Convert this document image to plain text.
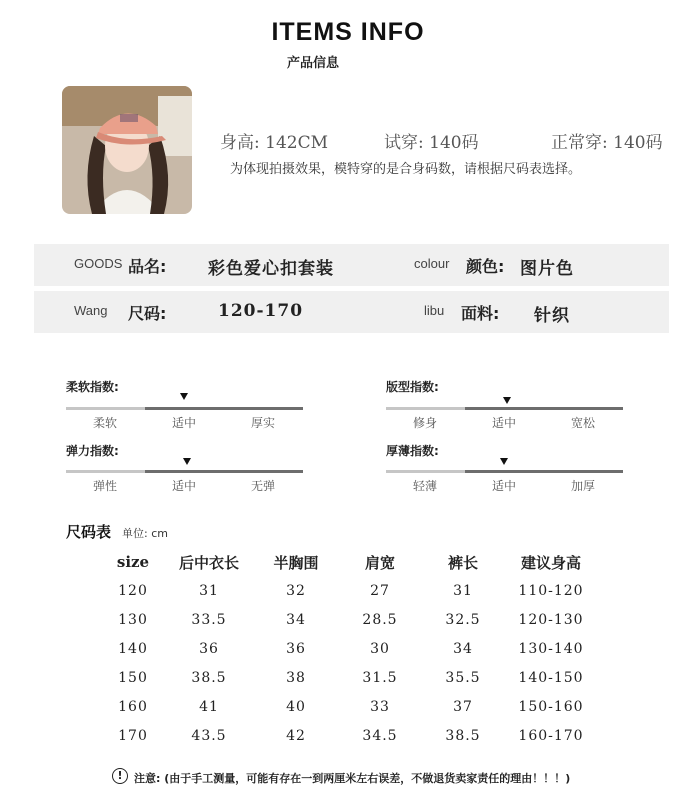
ITEMS INFO
产品信息
身高: 142CM	试穿: 140码	正常穿: 140码
为体现拍摄效果，模特穿的是合身码数，请根据尺码表选择。
GOODS 品名: 彩色爱心扣套装	colour 颜色: 图片色
Wang 尺码:	120-170	libu 面料: 针织
柔软指数:
柔软	适中	厚实
版型指数:
修身	适中	宽松
弹力指数:
弹性	适中	无弹
厚薄指数:
轻薄	适中	加厚
尺码表 单位: cm
size	后中衣长	半胸围	肩宽	裤长	建议身高
120	31	32	27	31	110-120
130	33.5	34	28.5	32.5	120-130
140	36	36	30	34	130-140
150	38.5	38	31.5	35.5	140-150
160	41	40	33	37	150-160
170	43.5	42	34.5	38.5	160-170
!	注意: (由于手工测量，可能有存在一到两厘米左右误差，不做退货卖家责任的理由！！！)
